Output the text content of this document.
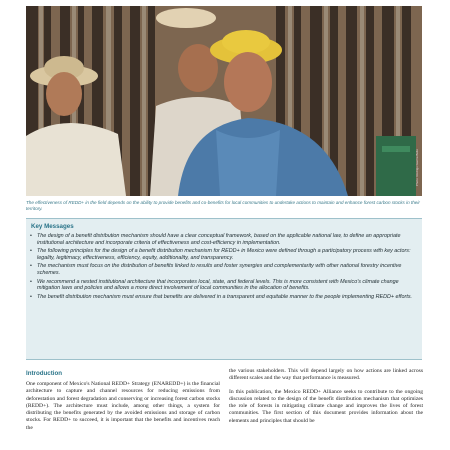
Photo: Rodrigo Garcia Bello

The effectiveness of REDD+ in the field depends on the ability to provide benefits and co-benefits for local communities to undertake actions to maintain and enhance forest carbon stocks in their territory.

Key Messages
• The design of a benefit distribution mechanism should have a clear conceptual framework, based on the applicable national law, to define an appropriate institutional architecture and incorporate criteria of effectiveness and cost-efficiency in implementation.
• The following principles for the design of a benefit distribution mechanism for REDD+ in Mexico were defined through a participatory process with key actors: legality, legitimacy, effectiveness, efficiency, equity, additionality, and transparency.
• The mechanism must focus on the distribution of benefits linked to results and foster synergies and complementarity with other national forestry incentive schemes.
• We recommend a nested institutional architecture that incorporates local, state, and federal levels. This is more consistent with Mexico's climate change mitigation laws and policies and allows a more direct involvement of local communities in the allocation of benefits.
• The benefit distribution mechanism must ensure that benefits are delivered in a transparent and equitable manner to the people implementing REDD+ efforts.
Introduction

One component of Mexico's National REDD+ Strategy (ENAREDD+) is the financial architecture to capture and channel resources for reducing emissions from deforestation and forest degradation and conserving or increasing forest carbon stocks (REDD+). The architecture must include, among other things, a system for distributing the benefits generated by the avoided emissions and storage of carbon stocks. For REDD+ to succeed, it is important that the benefits and incentives reach the

the various stakeholders. This will depend largely on how actions are linked across different scales and the way that performance is measured.

In this publication, the Mexico REDD+ Alliance seeks to contribute to the ongoing discussion related to the design of the benefit distribution mechanism that optimizes the role of forests in mitigating climate change and improves the lives of forest communities. The first section of this document provides information about the elements and principles that should be
